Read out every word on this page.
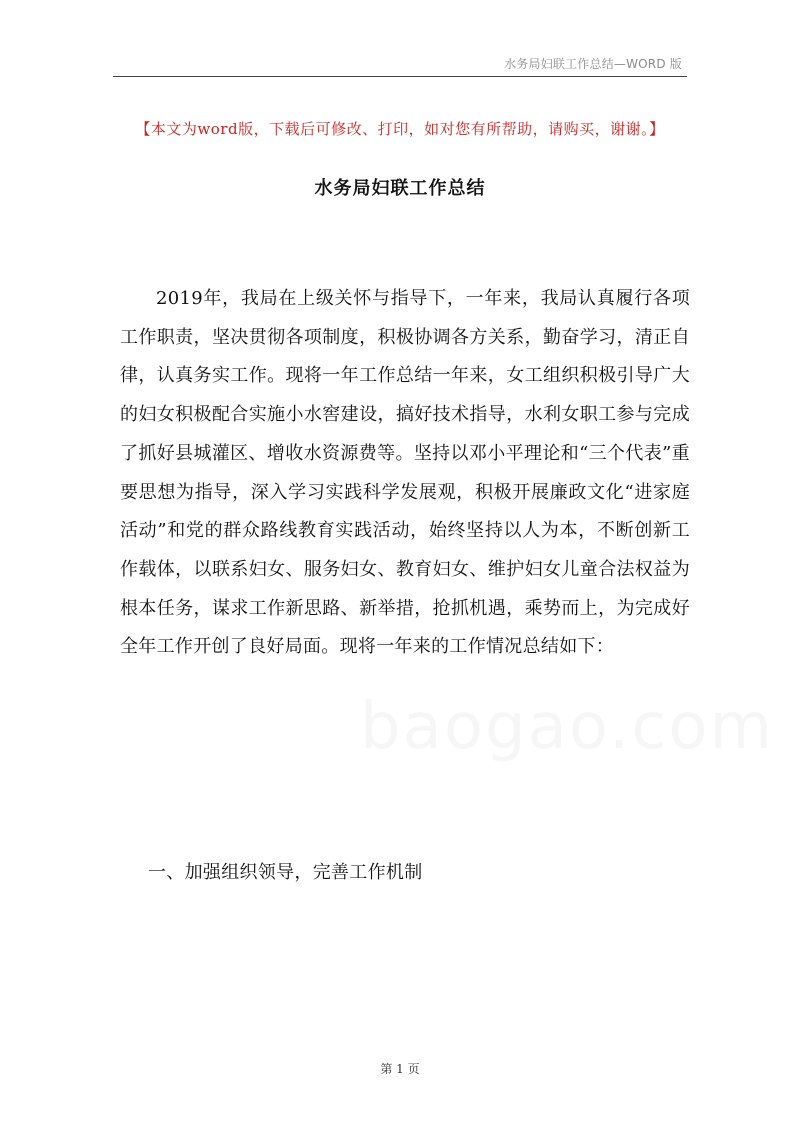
水务局妇联工作总结—WORD 版
【本文为word版，下载后可修改、打印，如对您有所帮助，请购买，谢谢。】
水务局妇联工作总结

2019年，我局在上级关怀与指导下，一年来，我局认真履行各项工作职责，坚决贯彻各项制度，积极协调各方关系，勤奋学习，清正自律，认真务实工作。现将一年工作总结一年来，女工组织积极引导广大的妇女积极配合实施小水窖建设，搞好技术指导，水利女职工参与完成了抓好县城灌区、增收水资源费等。坚持以邓小平理论和“三个代表”重要思想为指导，深入学习实践科学发展观，积极开展廉政文化“进家庭活动”和党的群众路线教育实践活动，始终坚持以人为本，不断创新工作载体，以联系妇女、服务妇女、教育妇女、维护妇女儿童合法权益为根本任务，谋求工作新思路、新举措，抢抓机遇，乘势而上，为完成好全年工作开创了良好局面。现将一年来的工作情况总结如下：

一、加强组织领导，完善工作机制
第 1 页
